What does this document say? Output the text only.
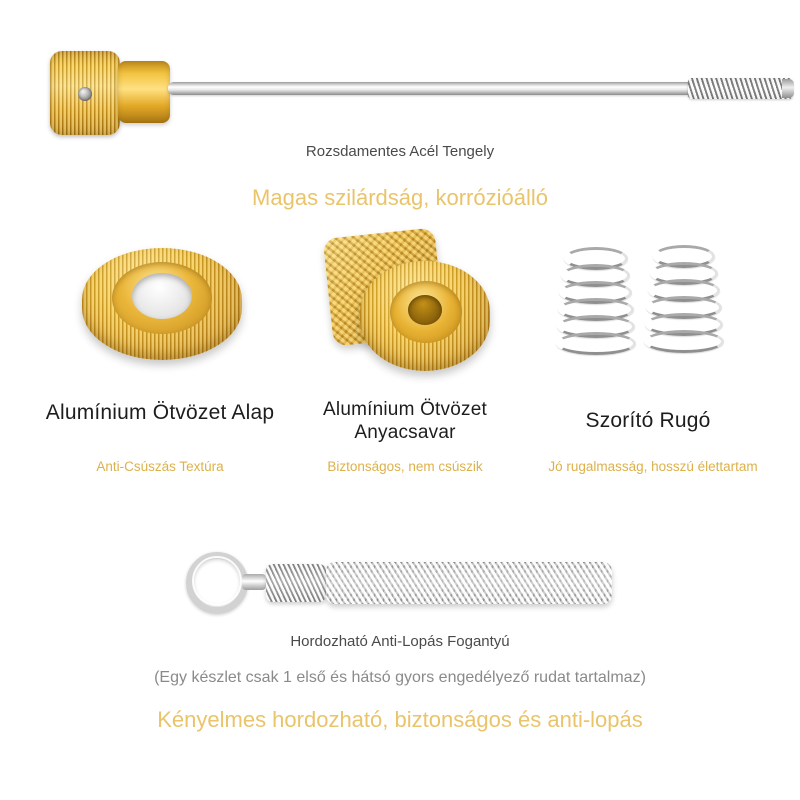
Rozsdamentes Acél Tengely
Magas szilárdság, korrózióálló
Alumínium Ötvözet Alap
Anti-Csúszás Textúra
Alumínium Ötvözet Anyacsavar
Biztonságos, nem csúszik
Szorító Rugó
Jó rugalmasság, hosszú élettartam
Hordozható Anti-Lopás Fogantyú
(Egy készlet csak 1 első és hátsó gyors engedélyező rudat tartalmaz)
Kényelmes hordozható, biztonságos és anti-lopás
